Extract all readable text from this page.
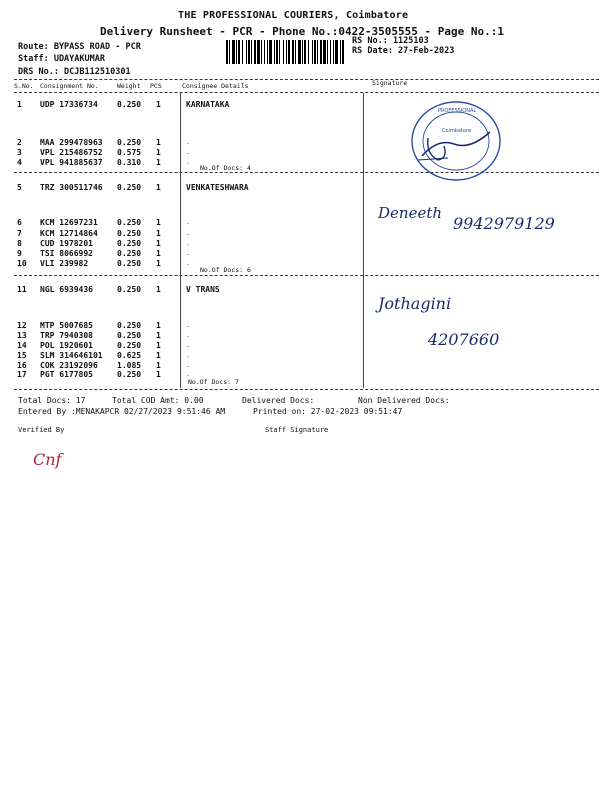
THE PROFESSIONAL COURIERS, Coimbatore
Delivery Runsheet - PCR - Phone No.:0422-3505555 - Page No.:1
Route: BYPASS ROAD - PCR
Staff: UDAYAKUMAR
DRS No.: DCJB112510301
RS No.: 1125103
RS Date: 27-Feb-2023
S.No. Consignment No.	Weight PCS	Consignee Details	Signature
1 UDP 17336734 0.250 1	KARNATAKA
2 MAA 299478963 0.250 1	.
3 VPL 215486752 0.575 1	.
4 VPL 941885637 0.310 1	.
No.Of Docs: 4
5 TRZ 300511746 0.250 1	VENKATESHWARA
6 KCM 12697231 0.250 1	.
7 KCM 12714864 0.250 1	.
8 CUD 1978201	0.250 1	.
9 TSI 8066992	0.250 1	.
10 VLI 239982	0.250 1	.
No.Of Docs: 6
11 NGL 6939436	0.250 1	V TRANS
12 MTP 5007685	0.250 1	.
13 TRP 7940308	0.250 1	.
14 POL 1920601	0.250 1	.
15 SLM 314646101 0.625 1	.
16 COK 23192096 1.085 1	.
17 PGT 6177805	0.250 1	.
No.Of Docs: 7
Total Docs: 17	Total COD Amt: 0.00	Delivered Docs:	Non Delivered Docs:
Entered By :MENAKAPCR 02/27/2023 9:51:46 AM	Printed on: 27-02-2023 09:51:47
Verified By	Staff Signature
PROFESSIONAL
Coimbatore
Deneeth
9942979129
Jothagini
4207660
Cnf
